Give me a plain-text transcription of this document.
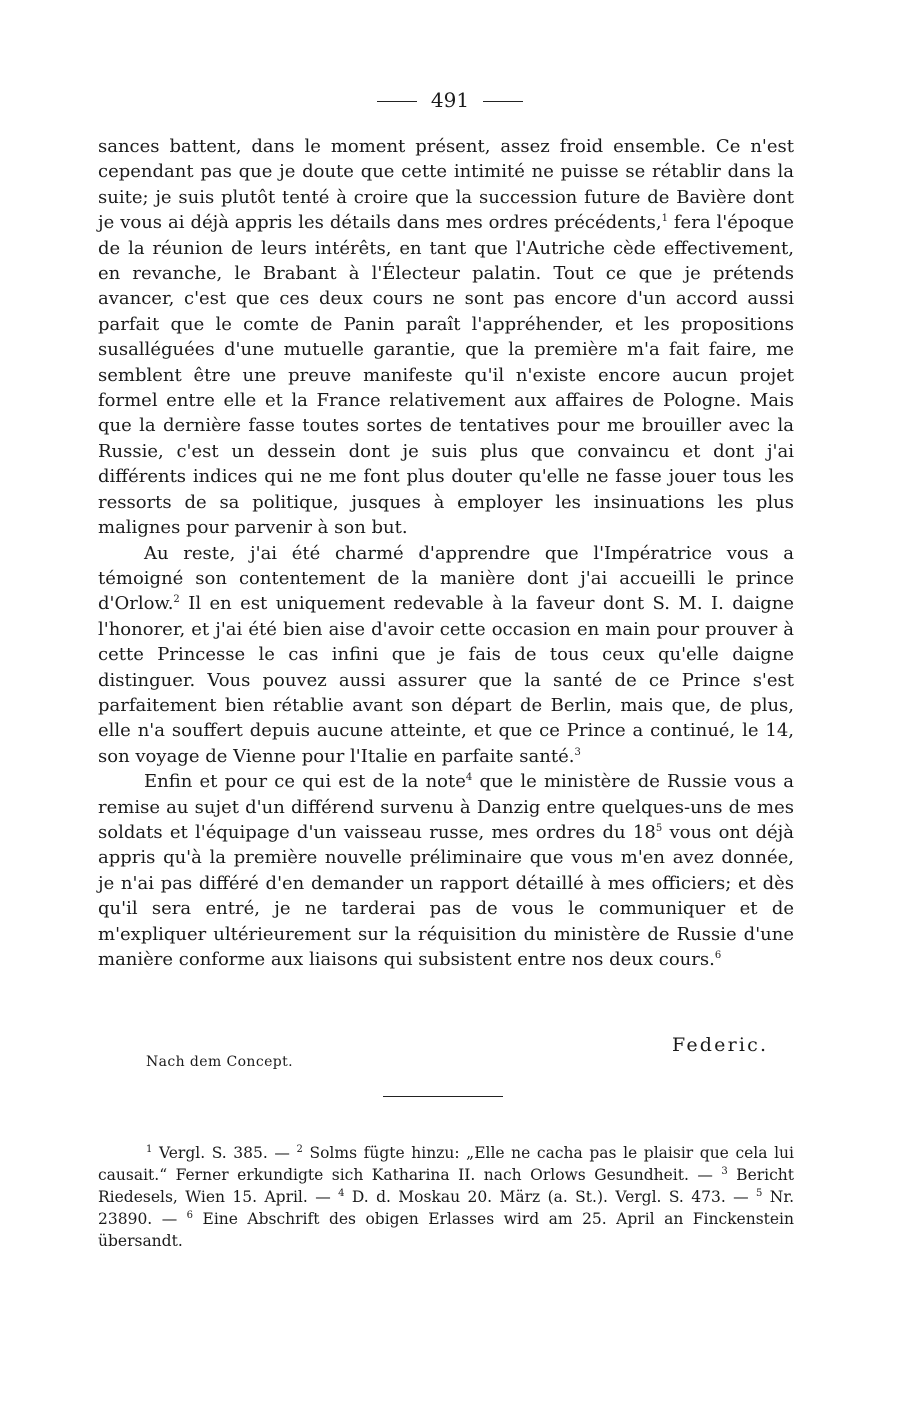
491

sances battent, dans le moment présent, assez froid ensemble. Ce n'est cependant pas que je doute que cette intimité ne puisse se rétablir dans la suite; je suis plutôt tenté à croire que la succession future de Bavière dont je vous ai déjà appris les détails dans mes ordres précédents,$^1$ fera l'époque de la réunion de leurs intérêts, en tant que l'Autriche cède effectivement, en revanche, le Brabant à l'Électeur palatin. Tout ce que je prétends avancer, c'est que ces deux cours ne sont pas encore d'un accord aussi parfait que le comte de Panin paraît l'appréhender, et les propositions susalléguées d'une mutuelle garantie, que la première m'a fait faire, me semblent être une preuve manifeste qu'il n'existe encore aucun projet formel entre elle et la France relativement aux affaires de Pologne. Mais que la dernière fasse toutes sortes de tentatives pour me brouiller avec la Russie, c'est un dessein dont je suis plus que convaincu et dont j'ai différents indices qui ne me font plus douter qu'elle ne fasse jouer tous les ressorts de sa politique, jusques à employer les insinuations les plus malignes pour parvenir à son but.

Au reste, j'ai été charmé d'apprendre que l'Impératrice vous a témoigné son contentement de la manière dont j'ai accueilli le prince d'Orlow.$^2$ Il en est uniquement redevable à la faveur dont S. M. I. daigne l'honorer, et j'ai été bien aise d'avoir cette occasion en main pour prouver à cette Princesse le cas infini que je fais de tous ceux qu'elle daigne distinguer. Vous pouvez aussi assurer que la santé de ce Prince s'est parfaitement bien rétablie avant son départ de Berlin, mais que, de plus, elle n'a souffert depuis aucune atteinte, et que ce Prince a continué, le 14, son voyage de Vienne pour l'Italie en parfaite santé.$^3$

Enfin et pour ce qui est de la note$^4$ que le ministère de Russie vous a remise au sujet d'un différend survenu à Danzig entre quelques-uns de mes soldats et l'équipage d'un vaisseau russe, mes ordres du $18^5$ vous ont déjà appris qu'à la première nouvelle préliminaire que vous m'en avez donnée, je n'ai pas différé d'en demander un rapport détaillé à mes officiers; et dès qu'il sera entré, je ne tarderai pas de vous le communiquer et de m'expliquer ultérieurement sur la réquisition du ministère de Russie d'une manière conforme aux liaisons qui subsistent entre nos deux cours.$^6$

Federic.
Nach dem Concept.

$^1$ Vergl. S. 385. — $^2$ Solms fügte hinzu: „Elle ne cacha pas le plaisir que cela lui causait.“ Ferner erkundigte sich Katharina II. nach Orlows Gesundheit. — $^3$ Bericht Riedesels, Wien 15. April. — $^4$ D. d. Moskau 20. März (a. St.). Vergl. S. 473. — $^5$ Nr. 23890. — $^6$ Eine Abschrift des obigen Erlasses wird am 25. April an Finckenstein übersandt.
